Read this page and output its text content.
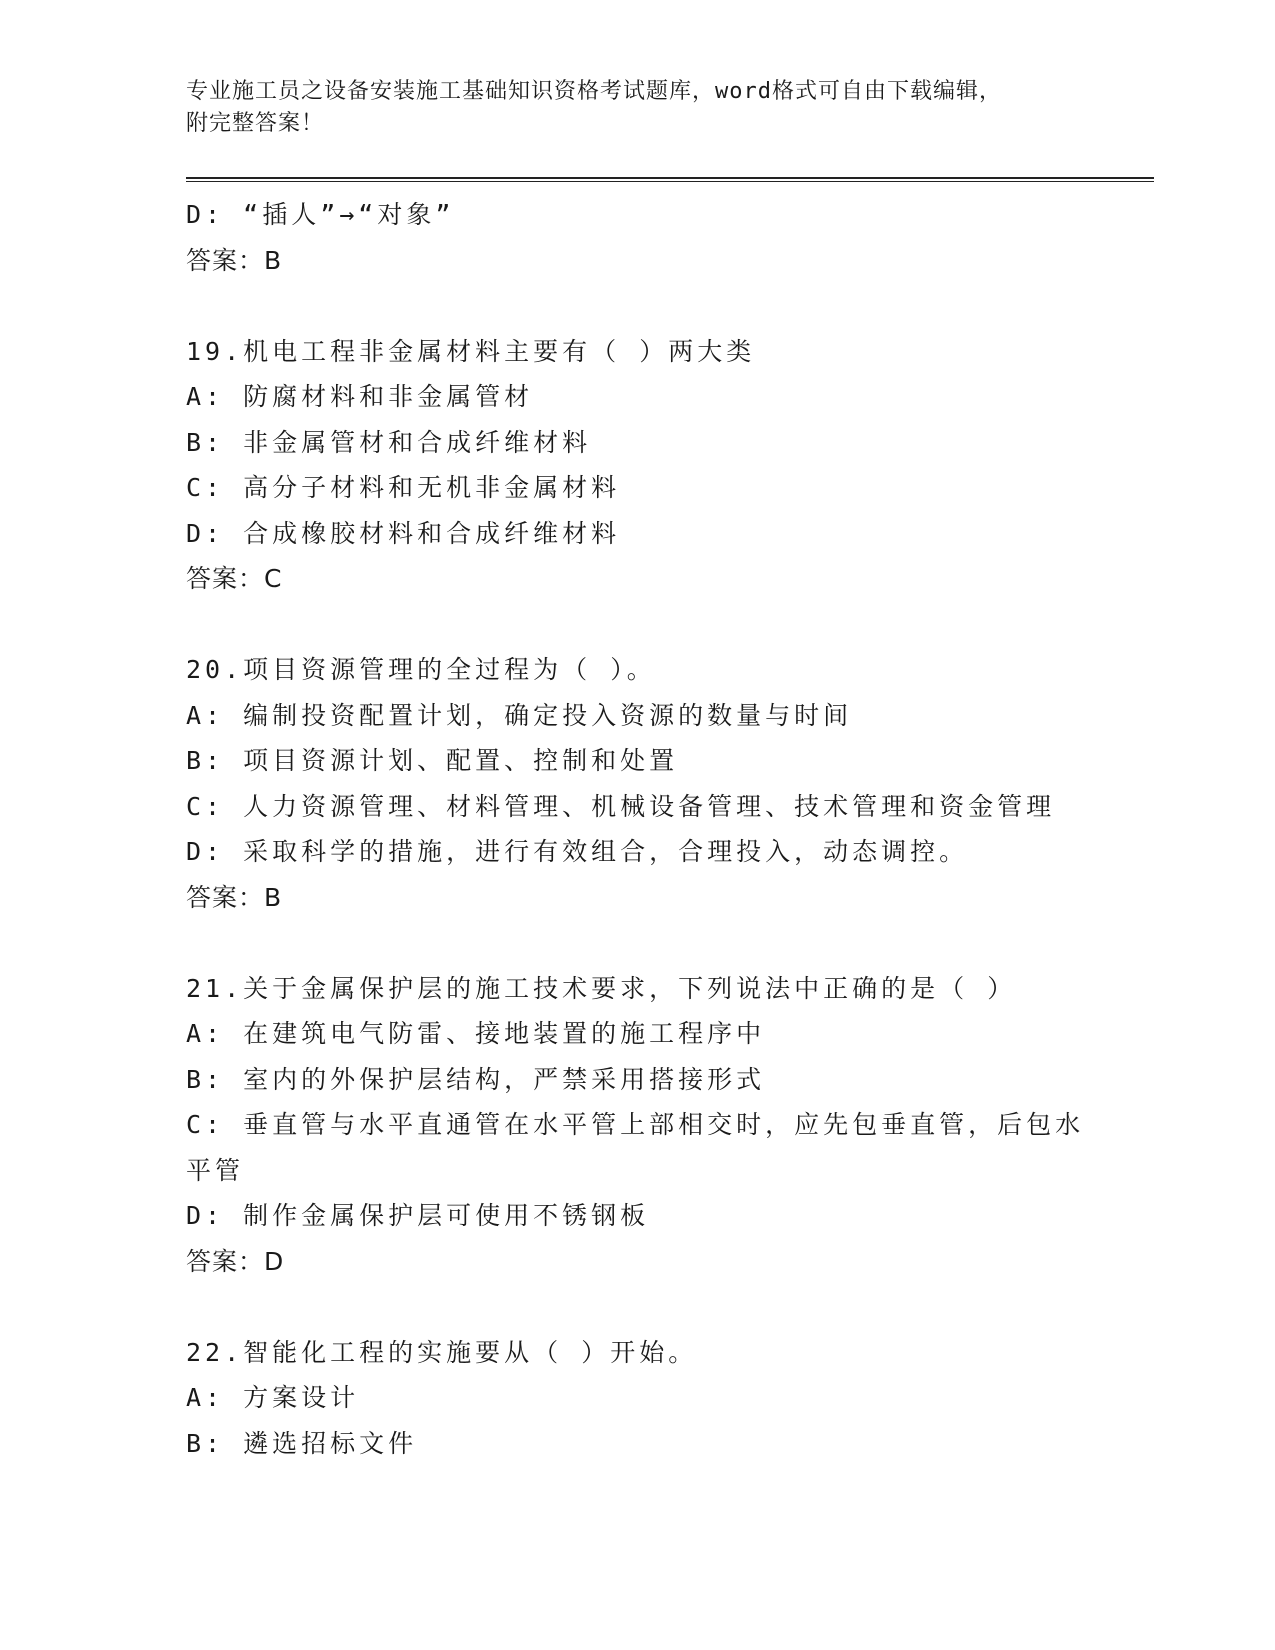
专业施工员之设备安装施工基础知识资格考试题库，word格式可自由下载编辑，
附完整答案！
D: “插人”→“对象”
答案：B
19.机电工程非金属材料主要有（ ）两大类
A: 防腐材料和非金属管材
B: 非金属管材和合成纤维材料
C: 高分子材料和无机非金属材料
D: 合成橡胶材料和合成纤维材料
答案：C
20.项目资源管理的全过程为（ ）。
A: 编制投资配置计划，确定投入资源的数量与时间
B: 项目资源计划、配置、控制和处置
C: 人力资源管理、材料管理、机械设备管理、技术管理和资金管理
D: 采取科学的措施，进行有效组合，合理投入，动态调控。
答案：B
21.关于金属保护层的施工技术要求，下列说法中正确的是（ ）
A: 在建筑电气防雷、接地装置的施工程序中
B: 室内的外保护层结构，严禁采用搭接形式
C: 垂直管与水平直通管在水平管上部相交时，应先包垂直管，后包水平管
D: 制作金属保护层可使用不锈钢板
答案：D
22.智能化工程的实施要从（ ）开始。
A: 方案设计
B: 遴选招标文件
